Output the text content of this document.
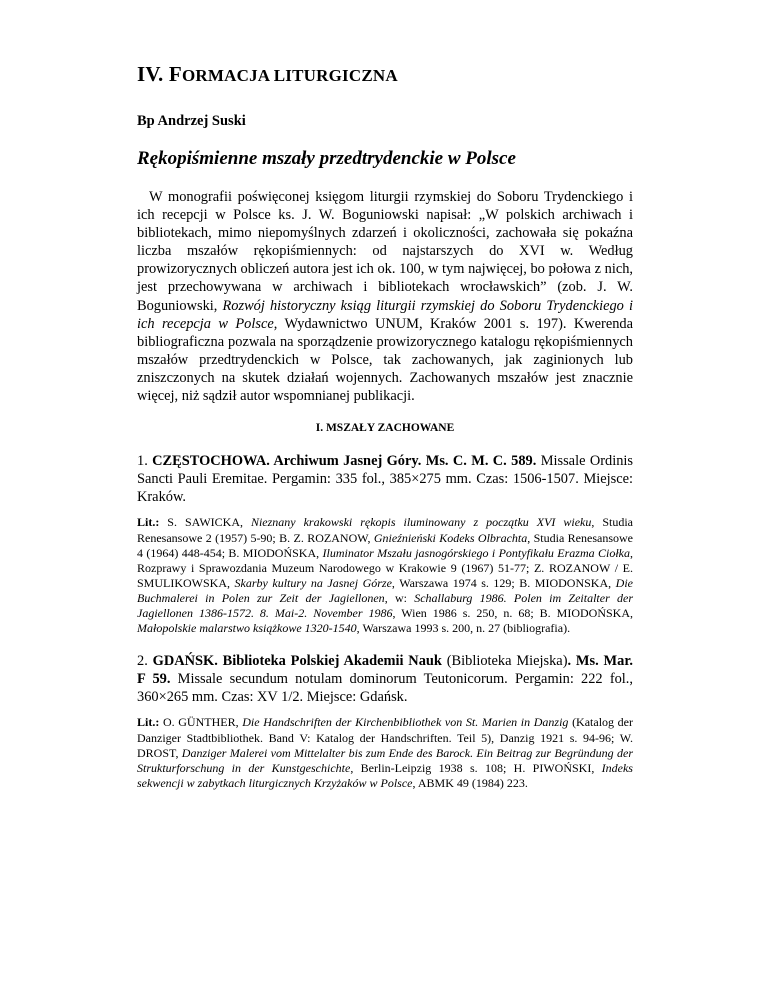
IV. FORMACJA LITURGICZNA
Bp Andrzej Suski
Rękopiśmienne mszały przedtrydenckie w Polsce

W monografii poświęconej księgom liturgii rzymskiej do Soboru Trydenckiego i ich recepcji w Polsce ks. J. W. Boguniowski napisał: „W polskich archiwach i bibliotekach, mimo niepomyślnych zdarzeń i okoliczności, zachowała się pokaźna liczba mszałów rękopiśmiennych: od najstarszych do XVI w. Według prowizorycznych obliczeń autora jest ich ok. 100, w tym najwięcej, bo połowa z nich, jest przechowywana w archiwach i bibliotekach wrocławskich” (zob. J. W. Boguniowski, Rozwój historyczny ksiąg liturgii rzymskiej do Soboru Trydenckiego i ich recepcja w Polsce, Wydawnictwo UNUM, Kraków 2001 s. 197). Kwerenda bibliograficzna pozwala na sporządzenie prowizorycznego katalogu rękopiśmiennych mszałów przedtrydenckich w Polsce, tak zachowanych, jak zaginionych lub zniszczonych na skutek działań wojennych. Zachowanych mszałów jest znacznie więcej, niż sądził autor wspomnianej publikacji.

I. MSZAŁY ZACHOWANE

1. CZĘSTOCHOWA. Archiwum Jasnej Góry. Ms. C. M. C. 589. Missale Ordinis Sancti Pauli Eremitae. Pergamin: 335 fol., 385×275 mm. Czas: 1506-1507. Miejsce: Kraków.

Lit.: S. SAWICKA, Nieznany krakowski rękopis iluminowany z początku XVI wieku, Studia Renesansowe 2 (1957) 5-90; B. Z. ROZANOW, Gnieźnieński Kodeks Olbrachta, Studia Renesansowe 4 (1964) 448-454; B. MIODOŃSKA, Iluminator Mszału jasnogórskiego i Pontyfikału Erazma Ciołka, Rozprawy i Sprawozdania Muzeum Narodowego w Krakowie 9 (1967) 51-77; Z. ROZANOW / E. SMULIKOWSKA, Skarby kultury na Jasnej Górze, Warszawa 1974 s. 129; B. MIODONSKA, Die Buchmalerei in Polen zur Zeit der Jagiellonen, w: Schallaburg 1986. Polen im Zeitalter der Jagiellonen 1386-1572. 8. Mai-2. November 1986, Wien 1986 s. 250, n. 68; B. MIODOŃSKA, Małopolskie malarstwo książkowe 1320-1540, Warszawa 1993 s. 200, n. 27 (bibliografia).

2. GDAŃSK. Biblioteka Polskiej Akademii Nauk (Biblioteka Miejska). Ms. Mar. F 59. Missale secundum notulam dominorum Teutonicorum. Pergamin: 222 fol., 360×265 mm. Czas: XV 1/2. Miejsce: Gdańsk.

Lit.: O. GÜNTHER, Die Handschriften der Kirchenbibliothek von St. Marien in Danzig (Katalog der Danziger Stadtbibliothek. Band V: Katalog der Handschriften. Teil 5), Danzig 1921 s. 94-96; W. DROST, Danziger Malerei vom Mittelalter bis zum Ende des Barock. Ein Beitrag zur Begründung der Strukturforschung in der Kunstgeschichte, Berlin-Leipzig 1938 s. 108; H. PIWOŃSKI, Indeks sekwencji w zabytkach liturgicznych Krzyżaków w Polsce, ABMK 49 (1984) 223.
